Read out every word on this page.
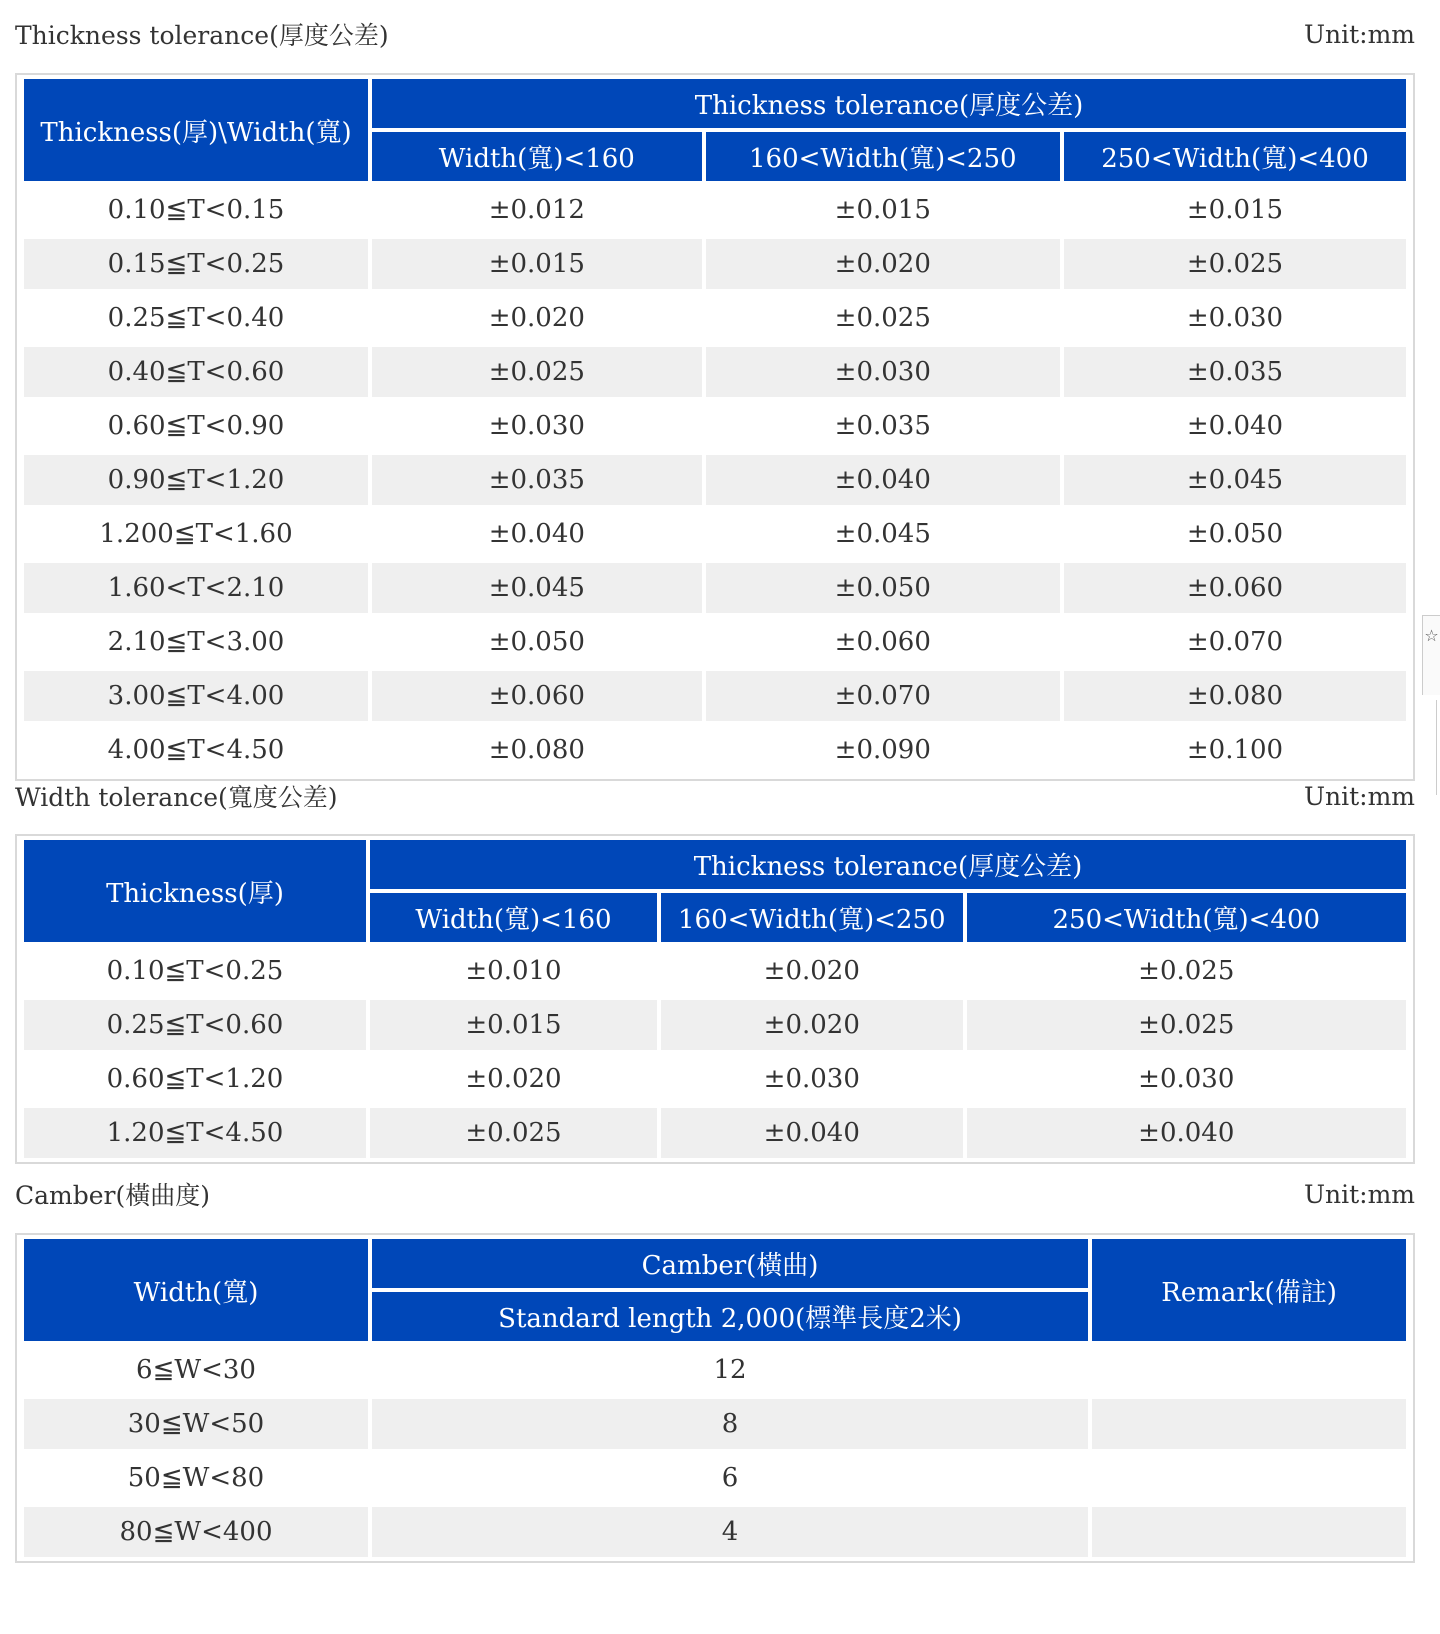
Thickness tolerance(厚度公差)	Unit:mm
Thickness(厚)\Width(寬)	Thickness tolerance(厚度公差)		
	Width(寬)<160	160<Width(寬)<250	250<Width(寬)<400
0.10≦T<0.15	±0.012	±0.015	±0.015
0.15≦T<0.25	±0.015	±0.020	±0.025
0.25≦T<0.40	±0.020	±0.025	±0.030
0.40≦T<0.60	±0.025	±0.030	±0.035
0.60≦T<0.90	±0.030	±0.035	±0.040
0.90≦T<1.20	±0.035	±0.040	±0.045
1.200≦T<1.60	±0.040	±0.045	±0.050
1.60<T<2.10	±0.045	±0.050	±0.060
2.10≦T<3.00	±0.050	±0.060	±0.070
3.00≦T<4.00	±0.060	±0.070	±0.080
4.00≦T<4.50	±0.080	±0.090	±0.100
Width tolerance(寬度公差)	Unit:mm
Thickness(厚)	Thickness tolerance(厚度公差)		
	Width(寬)<160	160<Width(寬)<250	250<Width(寬)<400
0.10≦T<0.25	±0.010	±0.020	±0.025
0.25≦T<0.60	±0.015	±0.020	±0.025
0.60≦T<1.20	±0.020	±0.030	±0.030
1.20≦T<4.50	±0.025	±0.040	±0.040
Camber(橫曲度)	Unit:mm
Width(寬)	Camber(橫曲)	Remark(備註)
	Standard length 2,000(標準長度2米)	
6≦W<30	12	
30≦W<50	8	
50≦W<80	6	
80≦W<400	4	
☆
